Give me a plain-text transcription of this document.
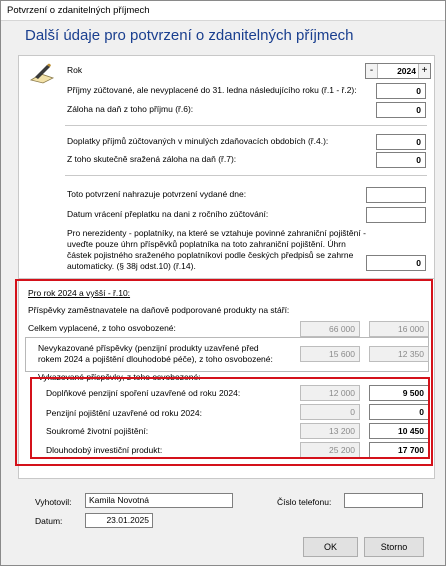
Potvrzení o zdanitelných příjmech
Další údaje pro potvrzení o zdanitelných příjmech
Rok	-	2024 +
Příjmy zúčtované, ale nevyplacené do 31. ledna následujícího roku (ř.1 - ř.2):	0
Záloha na daň z toho příjmu (ř.6):	0
Doplatky příjmů zúčtovaných v minulých zdaňovacích obdobích (ř.4.):	0
Z toho skutečně sražená záloha na daň (ř.7):	0
Toto potvrzení nahrazuje potvrzení vydané dne:
Datum vrácení přeplatku na dani z ročního zúčtování:
Pro nerezidenty - poplatníky, na které se vztahuje povinné zahraniční pojištění - uveďte pouze úhrn příspěvků poplatníka na toto zahraniční pojištění. Úhrn částek pojistného sraženého poplatníkovi podle českých předpisů se zahrne automaticky. (§ 38j odst.10) (ř.14).	0
Pro rok 2024 a vyšší - ř.10:
Příspěvky zaměstnavatele na daňově podporované produkty na stáří:
Celkem vyplacené, z toho osvobozené:	66 000	16 000
Nevykazované příspěvky (penzijní produkty uzavřené před rokem 2024 a pojištění dlouhodobé péče), z toho osvobozené:	15 600	12 350
Vykazované příspěvky, z toho osvobozené:
Doplňkové penzijní spoření uzavřené od roku 2024:	12 000	9 500
Penzijní pojištění uzavřené od roku 2024:	0	0
Soukromé životní pojištění:	13 200	10 450
Dlouhodobý investiční produkt:	25 200	17 700
Vyhotovil:	Kamila Novotná	Číslo telefonu:
Datum:	23.01.2025
OK	Storno
